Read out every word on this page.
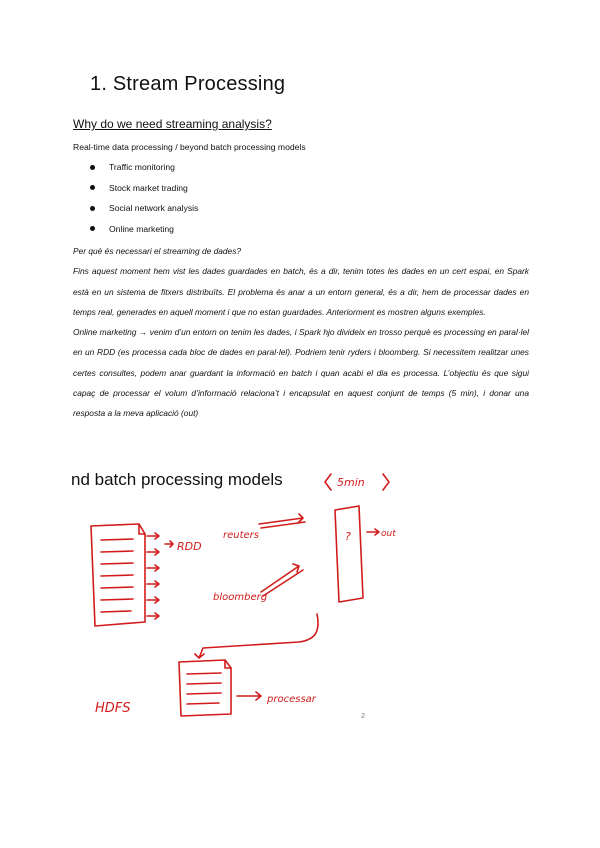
1. Stream Processing
Why do we need streaming analysis?
Real-time data processing / beyond batch processing models
Traffic monitoring
Stock market trading
Social network analysis
Online marketing

Per què és necessari el streaming de dades?

Fins aquest moment hem vist les dades guardades en batch, és a dir, tenim totes les dades en un cert espai, en Spark està en un sistema de fitxers distribuïts. El problema és anar a un entorn general, és a dir, hem de processar dades en temps real, generades en aquell moment i que no estan guardades. Anteriorment es mostren alguns exemples.

Online marketing → venim d’un entorn on tenim les dades, i Spark hjo divideix en trosso perquè es processing en paral·lel en un RDD (es processa cada bloc de dades en paral·lel). Podriem tenir ryders i bloomberg. Si necessitem realitzar unes certes consultes, podem anar guardant la informació en batch i quan acabi el dia es processa. L’objectiu és que sigui capaç de processar el volum d’informació relaciona’t i encapsulat en aquest conjunt de temps (5 min), i donar una resposta a la meva aplicació (out)

nd batch processing models
RDD
reuters
bloomberg
5min
?	out
HDFS
processar
2
